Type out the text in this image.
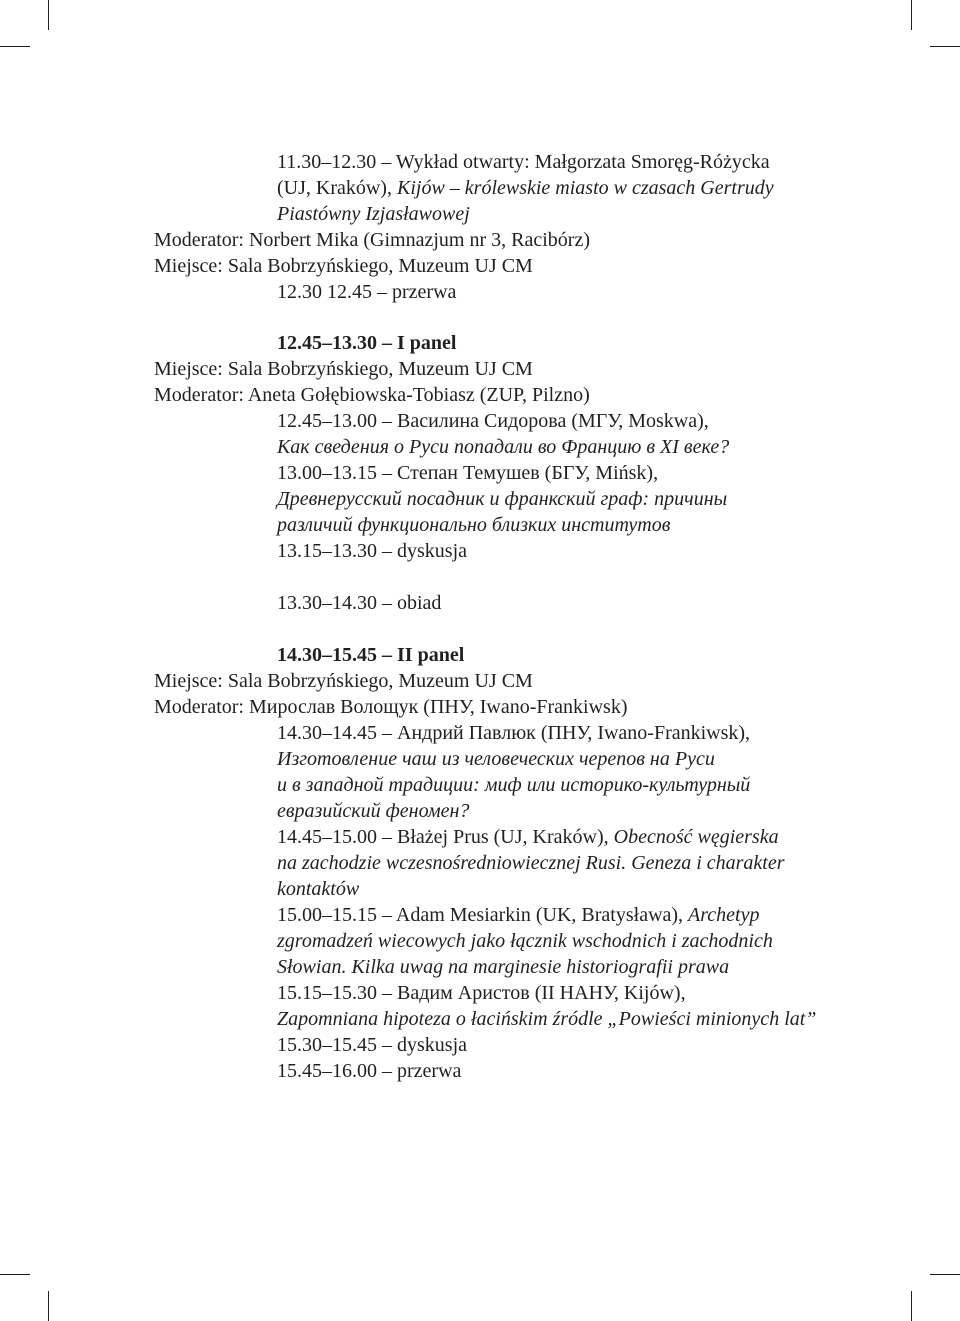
11.30–12.30 – Wykład otwarty: Małgorzata Smoręg-Różycka
(UJ, Kraków), Kijów – królewskie miasto w czasach Gertrudy
Piastówny Izjasławowej
Moderator: Norbert Mika (Gimnazjum nr 3, Racibórz)
Miejsce: Sala Bobrzyńskiego, Muzeum UJ CM
12.30 12.45 – przerwa
12.45–13.30 – I panel
Miejsce: Sala Bobrzyńskiego, Muzeum UJ CM
Moderator: Aneta Gołębiowska-Tobiasz (ZUP, Pilzno)
12.45–13.00 – Василина Сидорова (МГУ, Moskwa),
Как сведения о Руси попадали во Францию в XI веке?
13.00–13.15 – Степан Темушев (БГУ, Mińsk),
Древнерусский посадник и франкский граф: причины
различий функционально близких институтов
13.15–13.30 – dyskusja
13.30–14.30 – obiad
14.30–15.45 – II panel
Miejsce: Sala Bobrzyńskiego, Muzeum UJ CM
Moderator: Мирослав Волощук (ПНУ, Iwano-Frankiwsk)
14.30–14.45 – Андрий Павлюк (ПНУ, Iwano-Frankiwsk),
Изготовление чаш из человеческих черепов на Руси
и в западной традиции: миф или историко-культурный
евразийский феномен?
14.45–15.00 – Błażej Prus (UJ, Kraków), Obecność węgierska
na zachodzie wczesnośredniowiecznej Rusi. Geneza i charakter
kontaktów
15.00–15.15 – Adam Mesiarkin (UK, Bratysława), Archetyp
zgromadzeń wiecowych jako łącznik wschodnich i zachodnich
Słowian. Kilka uwag na marginesie historiografii prawa
15.15–15.30 – Вадим Аристов (ІІ НАНУ, Kijów),
Zapomniana hipoteza o łacińskim źródle „Powieści minionych lat”
15.30–15.45 – dyskusja
15.45–16.00 – przerwa
